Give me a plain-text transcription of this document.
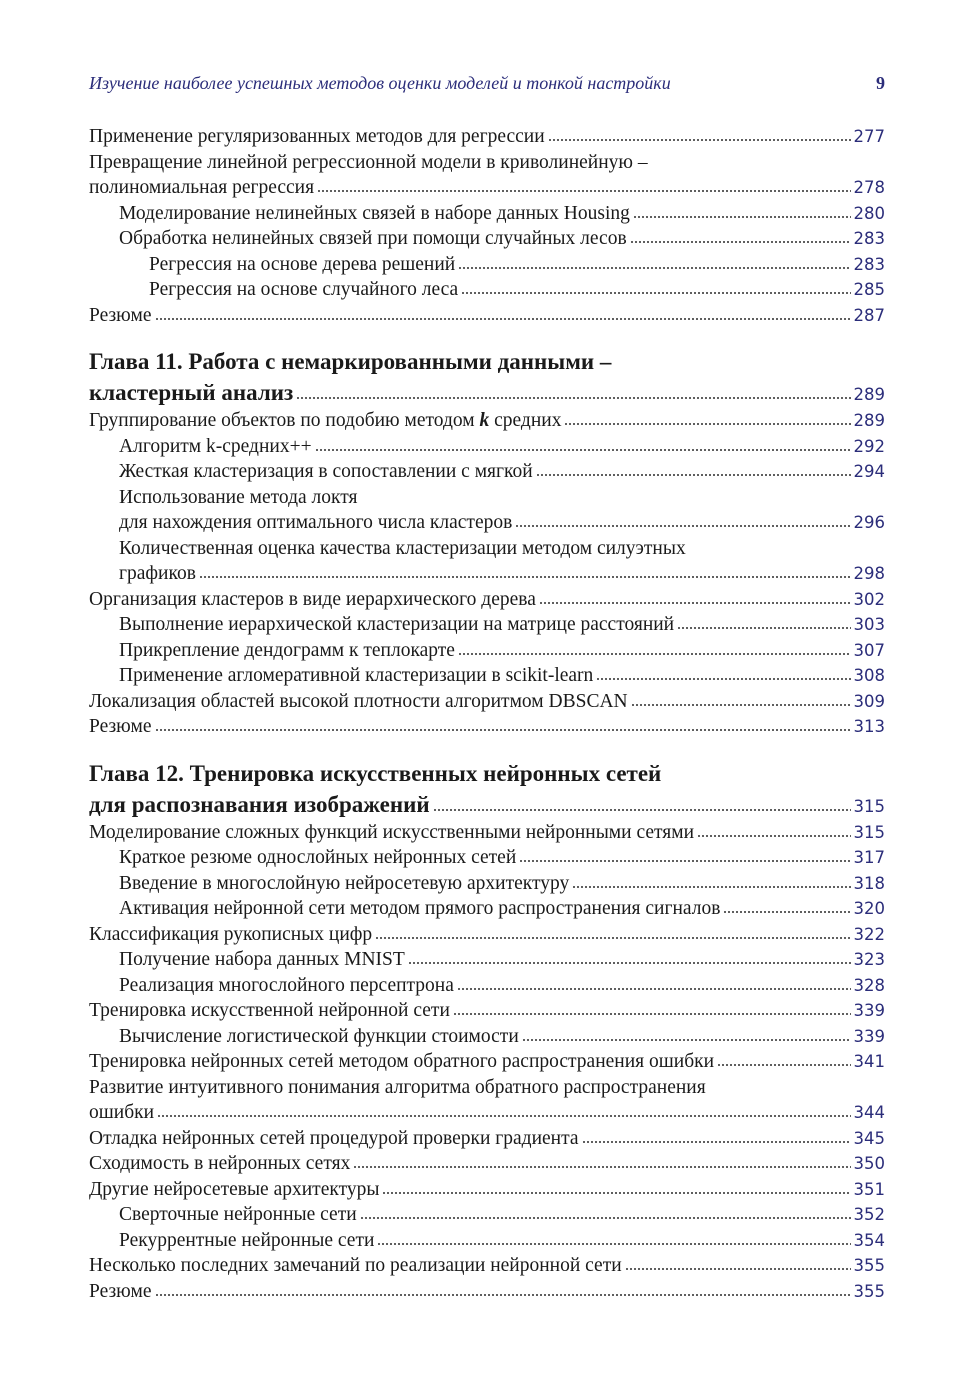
Изучение наиболее успешных методов оценки моделей и тонкой настройки	9
Применение регуляризованных методов для регрессии	277
Превращение линейной регрессионной модели в криволинейную –
полиномиальная регрессия	278
Моделирование нелинейных связей в наборе данных Housing	280
Обработка нелинейных связей при помощи случайных лесов	283
Регрессия на основе дерева решений	283
Регрессия на основе случайного леса	285
Резюме	287
Глава 11. Работа с немаркированными данными –
кластерный анализ	289
Группирование объектов по подобию методом k средних	289
Алгоритм k-средних++	292
Жесткая кластеризация в сопоставлении с мягкой	294
Использование метода локтя
для нахождения оптимального числа кластеров	296
Количественная оценка качества кластеризации методом силуэтных
графиков	298
Организация кластеров в виде иерархического дерева	302
Выполнение иерархической кластеризации на матрице расстояний	303
Прикрепление дендограмм к теплокарте	307
Применение агломеративной кластеризации в scikit-learn	308
Локализация областей высокой плотности алгоритмом DBSCAN	309
Резюме	313
Глава 12. Тренировка искусственных нейронных сетей
для распознавания изображений	315
Моделирование сложных функций искусственными нейронными сетями	315
Краткое резюме однослойных нейронных сетей	317
Введение в многослойную нейросетевую архитектуру	318
Активация нейронной сети методом прямого распространения сигналов	320
Классификация рукописных цифр	322
Получение набора данных MNIST	323
Реализация многослойного персептрона	328
Тренировка искусственной нейронной сети	339
Вычисление логистической функции стоимости	339
Тренировка нейронных сетей методом обратного распространения ошибки	341
Развитие интуитивного понимания алгоритма обратного распространения
ошибки	344
Отладка нейронных сетей процедурой проверки градиента	345
Сходимость в нейронных сетях	350
Другие нейросетевые архитектуры	351
Сверточные нейронные сети	352
Рекуррентные нейронные сети	354
Несколько последних замечаний по реализации нейронной сети	355
Резюме	355
